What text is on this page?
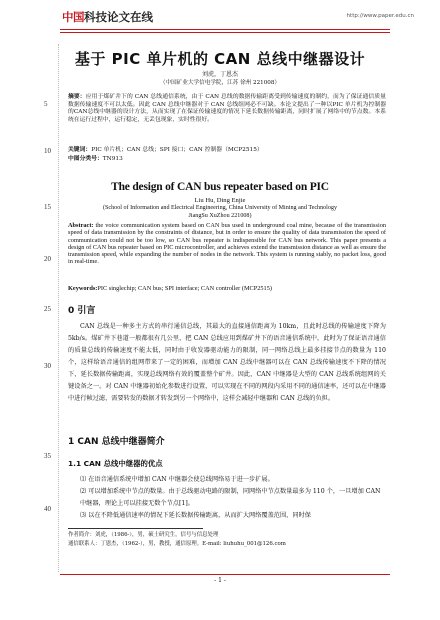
中国 科技论文在线	http://www.paper.edu.cn
5
10
15
20
25
30
35
40
基于 PIC 单片机的 CAN 总线中继器设计
刘虎，丁恩杰
（中国矿业大学信电学院，江苏 徐州 221008）
摘要：应用于煤矿井下的 CAN 总线通信系统，由于 CAN 总线的数据传输距离受到传输速度的制约，而为了保证通信质量数据传输速度不可以太低。因此 CAN 总线中继器对于 CAN 总线组网必不可缺。本论文提出了一种以PIC 单片机为控制器的CAN总线中继器的设计方法，从而实现了在保证传输速度的情况下延长数据传输距离，同时扩展了网络中的节点数。本系统在运行过程中，运行稳定，无丢包现象，实时性很好。
关键词：PIC 单片机；CAN 总线；SPI 接口；CAN 控制器（MCP2515）
中图分类号：TN913
The design of CAN bus repeater based on PIC
Liu Hu, Ding Enjie
(School of Information and Electrical Engineering, China University of Mining and Technology
JiangSu XuZhou 221008)
Abstract: the voice communication system based on CAN bus used in underground coal mine, because of the transmission speed of data transmission by the constraints of distance, but in order to ensure the quality of data transmission the speed of communication could not be too low, so CAN bus repeater is indispensible for CAN bus network. This paper presents a design of CAN bus repeater based on PIC microcontroller, and achieves extend the transmission distance as well as ensure the transmission speed, while expanding the number of nodes in the network. This system is running stably, no packet loss, good in real-time.
Keywords:PIC singlechip; CAN bus; SPI interface; CAN controller (MCP2515)
0 引言
CAN 总线是一种多主方式的串行通信总线，其最大的直接通信距离为 10km，且此时总线的传输速度下降为 5kb/s。煤矿井下巷道一般都很有几公里，把 CAN 总线应用到煤矿井下的语音通信系统中，此时为了保证语音通信的质量总线的传输速度不能太低，同时由于收发器驱动能力的限制，同一网络总线上最多挂接节点的数量为 110 个，这样给语音通信的组网带来了一定的困难，而增加 CAN 总线中继器可以在 CAN 总线传输速度不下降的情况下，延长数据传输距离，实现总线网络有效的覆盖整个矿井。因此，CAN 中继器是大型的 CAN 总线系统组网的关键设备之一。对 CAN 中继器初始化参数进行设置，可以实现在不同的网段内采用不同的通信速率，还可以在中继器中进行帧过滤，需要转发的数据才转发到另一个网络中，这样会减轻中继器和 CAN 总线的负担。
1 CAN 总线中继器简介
1.1 CAN 总线中继器的优点
⑴ 在语音通信系统中增加 CAN 中继器会使总线网络易于进一步扩展。
⑵ 可以增加系统中节点的数量。由于总线驱动电路的限制，同网络中节点数量最多为 110 个，一旦增加 CAN 中继器，理论上可以挂接无数个节点[1]。
⑶ 以在不降低通信速率的情况下延长数据传输距离，从而扩大网络覆盖范围，同时保
作者简介：刘虎，（1986-），男，硕士研究生，信号与信息处理
通信联系人：丁恩杰，（1962-），男，教授，通信原理。E-mail: liuhuhu_001@126.com
- 1 -
